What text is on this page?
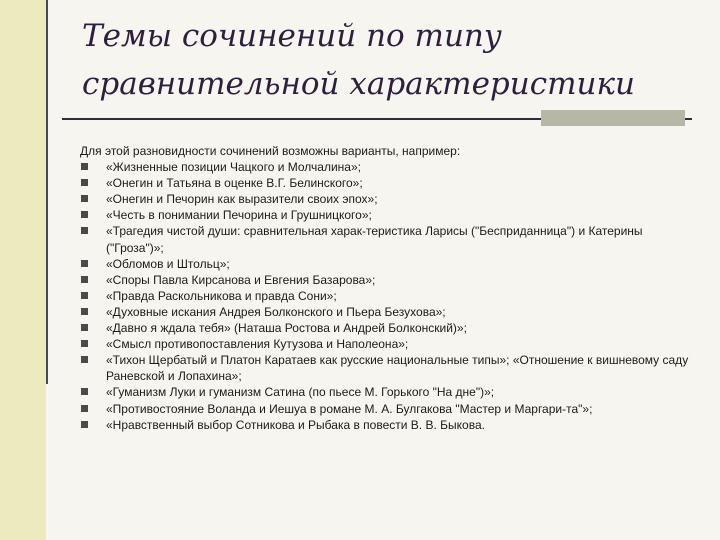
Темы сочинений по типу сравнительной характеристики

Для этой разновидности сочинений возможны варианты, например:

«Жизненные позиции Чацкого и Молчалина»;
«Онегин и Татьяна в оценке В.Г. Белинского»;
«Онегин и Печорин как выразители своих эпох»;
«Честь в понимании Печорина и Грушницкого»;
«Трагедия чистой души: сравнительная харак-теристика Ларисы ("Бесприданница") и Катерины ("Гроза")»;
«Обломов и Штольц»;
«Споры Павла Кирсанова и Евгения Базарова»;
«Правда Раскольникова и правда Сони»;
«Духовные искания Андрея Болконского и Пьера Безухова»;
«Давно я ждала тебя» (Наташа Ростова и Андрей Болконский)»;
«Смысл противопоставления Кутузова и Наполеона»;
«Тихон Щербатый и Платон Каратаев как русские национальные типы»; «Отношение к вишневому саду Раневской и Лопахина»;
«Гуманизм Луки и гуманизм Сатина (по пьесе М. Горького "На дне")»;
«Противостояние Воланда и Иешуа в романе М. А. Булгакова "Мастер и Маргари-та"»;
«Нравственный выбор Сотникова и Рыбака в повести В. В. Быкова.
